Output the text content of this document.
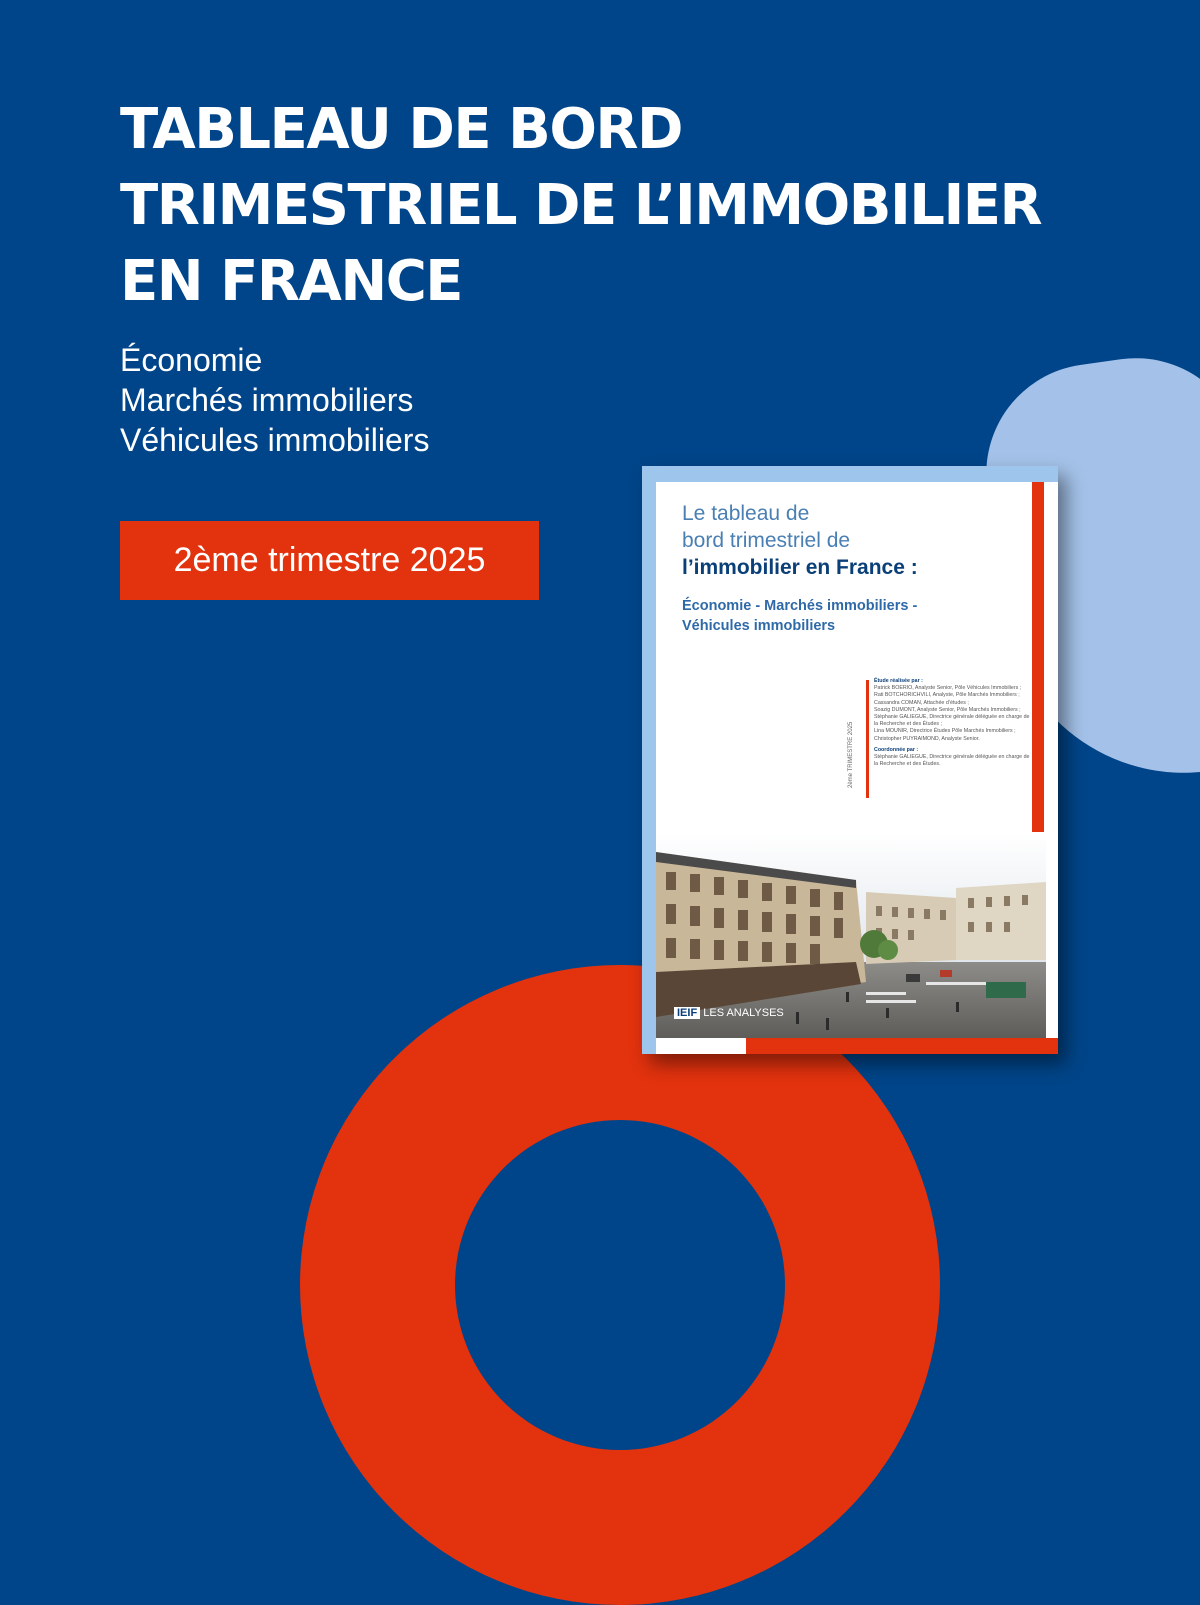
TABLEAU DE BORD
TRIMESTRIEL DE L’IMMOBILIER
EN FRANCE
Économie
Marchés immobiliers
Véhicules immobiliers
2ème trimestre 2025
Le tableau de
bord trimestriel de
l’immobilier en France :
Économie - Marchés immobiliers -
Véhicules immobiliers
2ème TRIMESTRE 2025
Étude réalisée par :
Patrick BOERIO, Analyste Senior, Pôle Véhicules Immobiliers ;
Rati BOTCHORICHVILI, Analyste, Pôle Marchés Immobiliers ;
Cassandra COMAN, Attachée d’études ;
Soazig DUMONT, Analyste Senior, Pôle Marchés Immobiliers ;
Stéphanie GALIEGUE, Directrice générale déléguée en charge de la Recherche et des Études ;
Lina MOUNIR, Directrice Études Pôle Marchés Immobiliers ;
Christopher PUYRAIMOND, Analyste Senior.
Coordonnée par :
Stéphanie GALIEGUE, Directrice générale déléguée en charge de la Recherche et des Études.
IEIF LES ANALYSES
